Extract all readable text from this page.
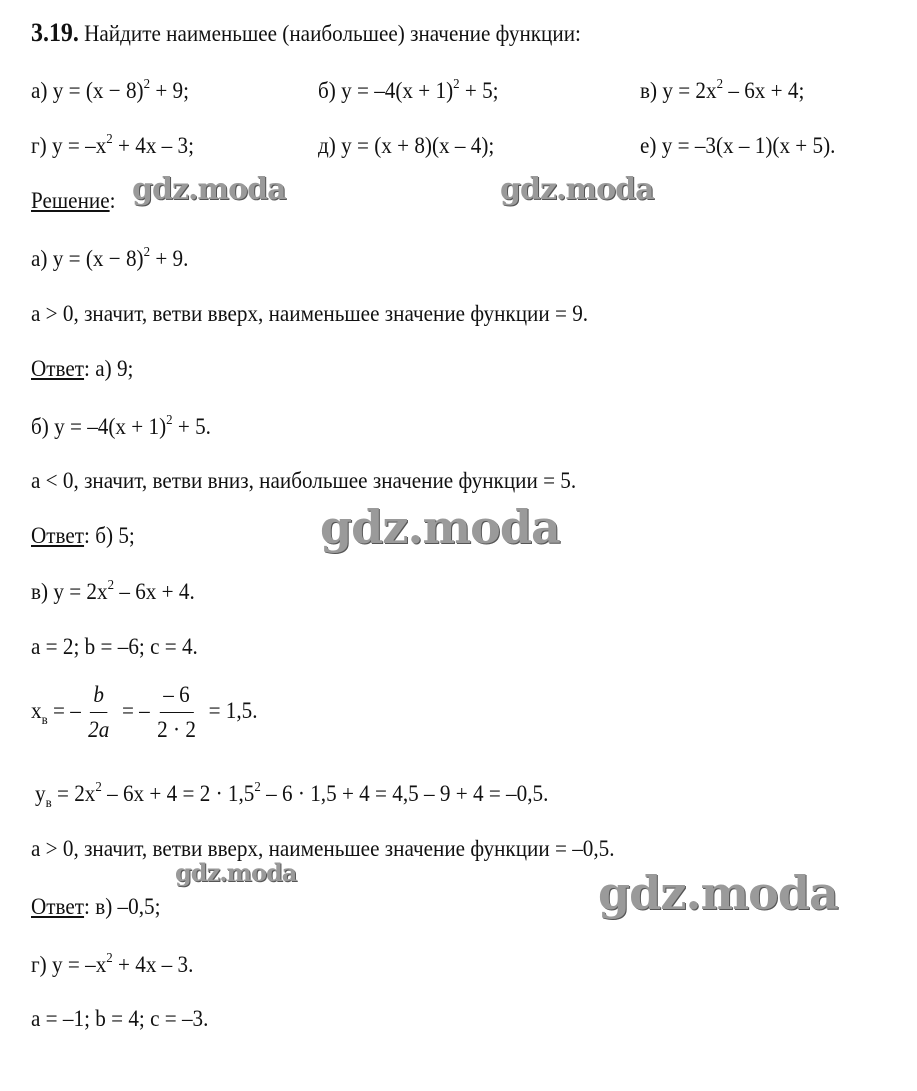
3.19. Найдите наименьшее (наибольшее) значение функции:
а) $y = (x - 8)^2 + 9$;	б) $y = -4(x + 1)^2 + 5$;	в) $y = 2x^2 - 6x + 4$;
г) $y = -x^2 + 4x - 3$;	д) y = (x + 8)(x – 4);	е) y = –3(x – 1)(x + 5).
Решение:
а) $y = (x - 8)^2 + 9$.
a > 0, значит, ветви вверх, наименьшее значение функции = 9.
Ответ: а) 9;
б) $y = -4(x + 1)^2 + 5$.
a < 0, значит, ветви вниз, наибольшее значение функции = 5.
Ответ: б) 5;
в) $y = 2x^2 - 6x + 4$.
a = 2; b = –6; c = 4.
$x_в$ = – $\frac{b}{2a}$ = – $\frac{- 6}{2 \cdot 2} = 1,5$.
$y_в = 2x^2 - 6x + 4 = 2 \cdot 1,5^2 - 6 \cdot 1,5 + 4 = 4,5 - 9 + 4 = -0,5$.
a > 0, значит, ветви вверх, наименьшее значение функции = –0,5.
Ответ: в) –0,5;
г) $y = -x^2 + 4x - 3$.
a = –1; b = 4; c = –3.
gdz.moda	gdz.moda
gdz.moda
gdz.moda	gdz.moda
